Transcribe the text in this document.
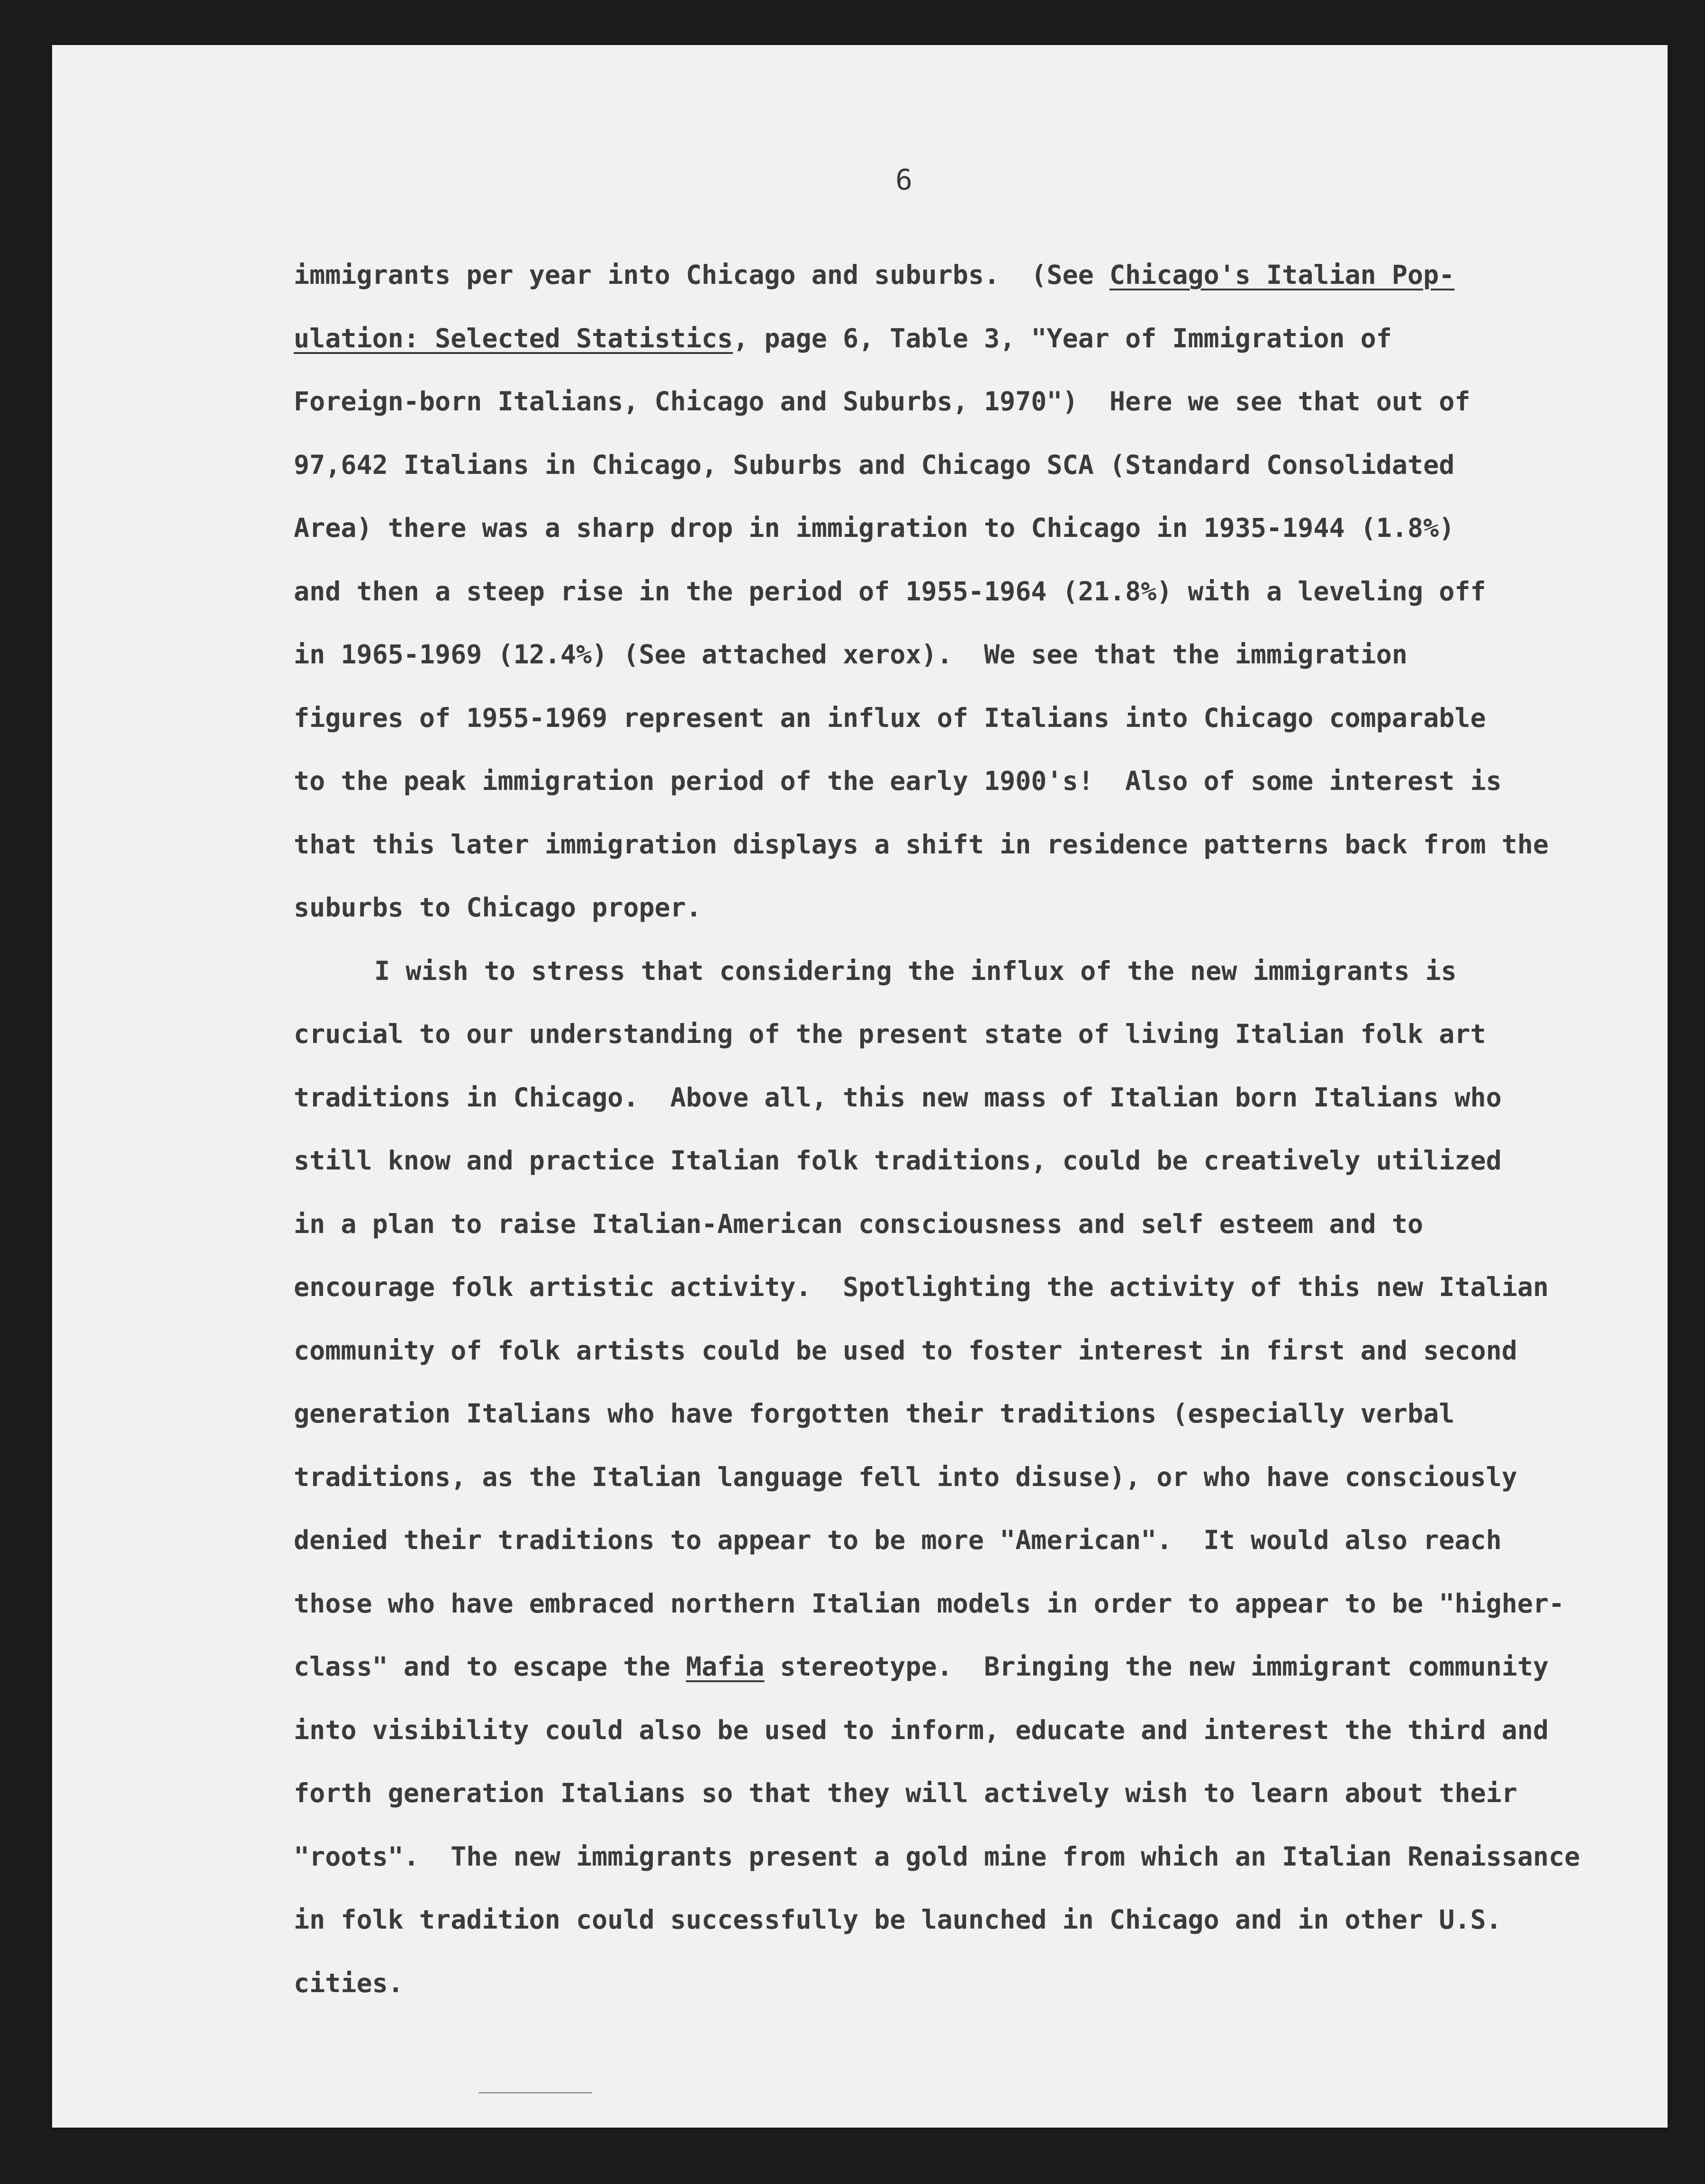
6
immigrants per year into Chicago and suburbs.  (See Chicago's Italian Pop-
ulation: Selected Statistics, page 6, Table 3, "Year of Immigration of
Foreign-born Italians, Chicago and Suburbs, 1970")  Here we see that out of
97,642 Italians in Chicago, Suburbs and Chicago SCA (Standard Consolidated
Area) there was a sharp drop in immigration to Chicago in 1935-1944 (1.8%)
and then a steep rise in the period of 1955-1964 (21.8%) with a leveling off
in 1965-1969 (12.4%) (See attached xerox).  We see that the immigration
figures of 1955-1969 represent an influx of Italians into Chicago comparable
to the peak immigration period of the early 1900's!  Also of some interest is
that this later immigration displays a shift in residence patterns back from the
suburbs to Chicago proper.
I wish to stress that considering the influx of the new immigrants is
crucial to our understanding of the present state of living Italian folk art
traditions in Chicago.  Above all, this new mass of Italian born Italians who
still know and practice Italian folk traditions, could be creatively utilized
in a plan to raise Italian-American consciousness and self esteem and to
encourage folk artistic activity.  Spotlighting the activity of this new Italian
community of folk artists could be used to foster interest in first and second
generation Italians who have forgotten their traditions (especially verbal
traditions, as the Italian language fell into disuse), or who have consciously
denied their traditions to appear to be more "American".  It would also reach
those who have embraced northern Italian models in order to appear to be "higher-
class" and to escape the Mafia stereotype.  Bringing the new immigrant community
into visibility could also be used to inform, educate and interest the third and
forth generation Italians so that they will actively wish to learn about their
"roots".  The new immigrants present a gold mine from which an Italian Renaissance
in folk tradition could successfully be launched in Chicago and in other U.S.
cities.
